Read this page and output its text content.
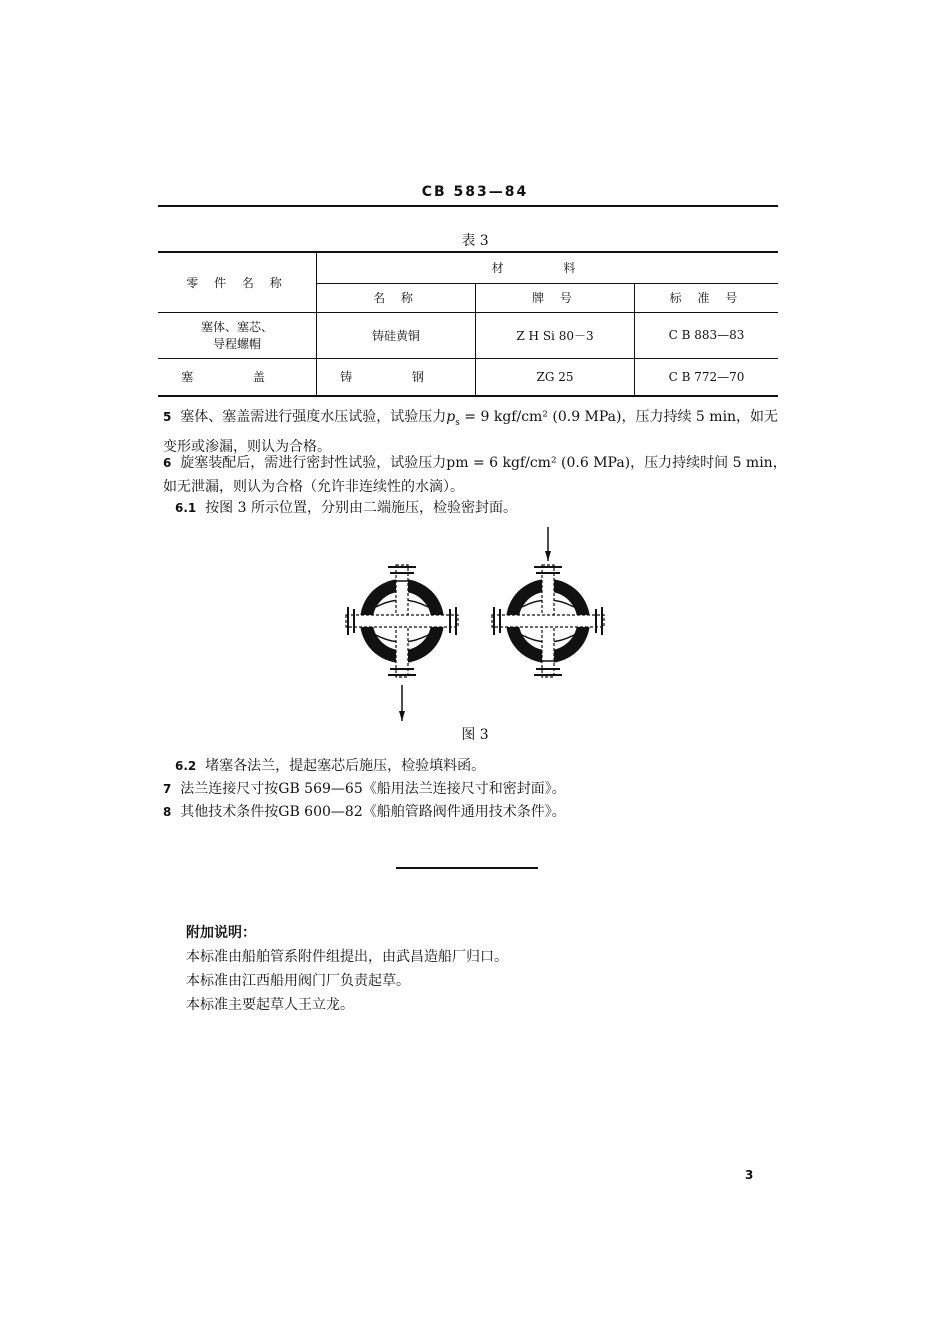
CB 583—84
表 3
零 件 名 称	材 料		
	名 称	牌 号	标 准 号

塞体、塞芯、
导程螺帽	铸硅黄铜	Z H Si 80－3	C B 883—83
塞 盖	铸 钢	ZG 25	C B 772—70
5 塞体、塞盖需进行强度水压试验，试验压力$p_s = 9$ kgf/cm² (0.9 MPa)，压力持续 5 min，如无
变形或渗漏，则认为合格。
6 旋塞装配后，需进行密封性试验，试验压力pm = 6 kgf/cm² (0.6 MPa)，压力持续时间 5 min，
如无泄漏，则认为合格（允许非连续性的水滴）。
6.1 按图 3 所示位置，分别由二端施压，检验密封面。
图 3
6.2 堵塞各法兰，提起塞芯后施压，检验填料函。
7 法兰连接尺寸按GB 569—65《船用法兰连接尺寸和密封面》。
8 其他技术条件按GB 600—82《船舶管路阀件通用技术条件》。
附加说明：
本标准由船舶管系附件组提出，由武昌造船厂归口。
本标准由江西船用阀门厂负责起草。
本标准主要起草人王立龙。
3
